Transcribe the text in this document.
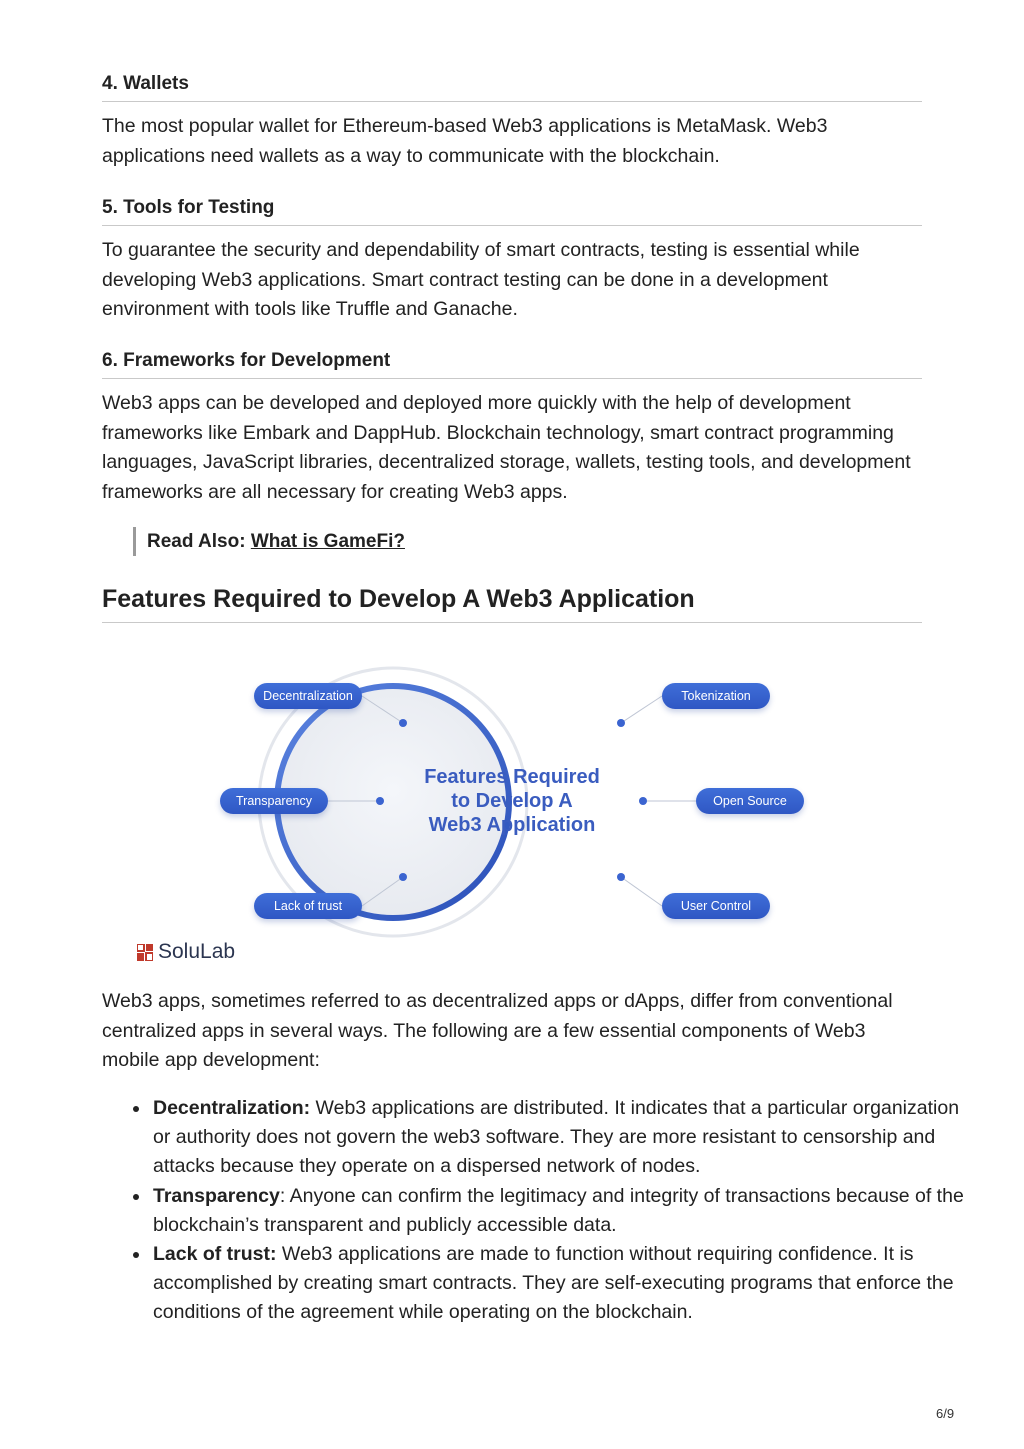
4. Wallets

The most popular wallet for Ethereum-based Web3 applications is MetaMask. Web3 applications need wallets as a way to communicate with the blockchain.

5. Tools for Testing

To guarantee the security and dependability of smart contracts, testing is essential while developing Web3 applications. Smart contract testing can be done in a development environment with tools like Truffle and Ganache.

6. Frameworks for Development

Web3 apps can be developed and deployed more quickly with the help of development frameworks like Embark and DappHub. Blockchain technology, smart contract programming languages, JavaScript libraries, decentralized storage, wallets, testing tools, and development frameworks are all necessary for creating Web3 apps.

Read Also: What is GameFi?
Features Required to Develop A Web3 Application

Web3 apps, sometimes referred to as decentralized apps or dApps, differ from conventional centralized apps in several ways. The following are a few essential components of Web3 mobile app development:

Decentralization: Web3 applications are distributed. It indicates that a particular organization or authority does not govern the web3 software. They are more resistant to censorship and attacks because they operate on a dispersed network of nodes.
Transparency: Anyone can confirm the legitimacy and integrity of transactions because of the blockchain’s transparent and publicly accessible data.
Lack of trust: Web3 applications are made to function without requiring confidence. It is accomplished by creating smart contracts. They are self-executing programs that enforce the conditions of the agreement while operating on the blockchain.
Features Required
to Develop A
Web3 Application
Decentralization
Transparency
Lack of trust
Tokenization
Open Source
User Control
SoluLab
6/9
